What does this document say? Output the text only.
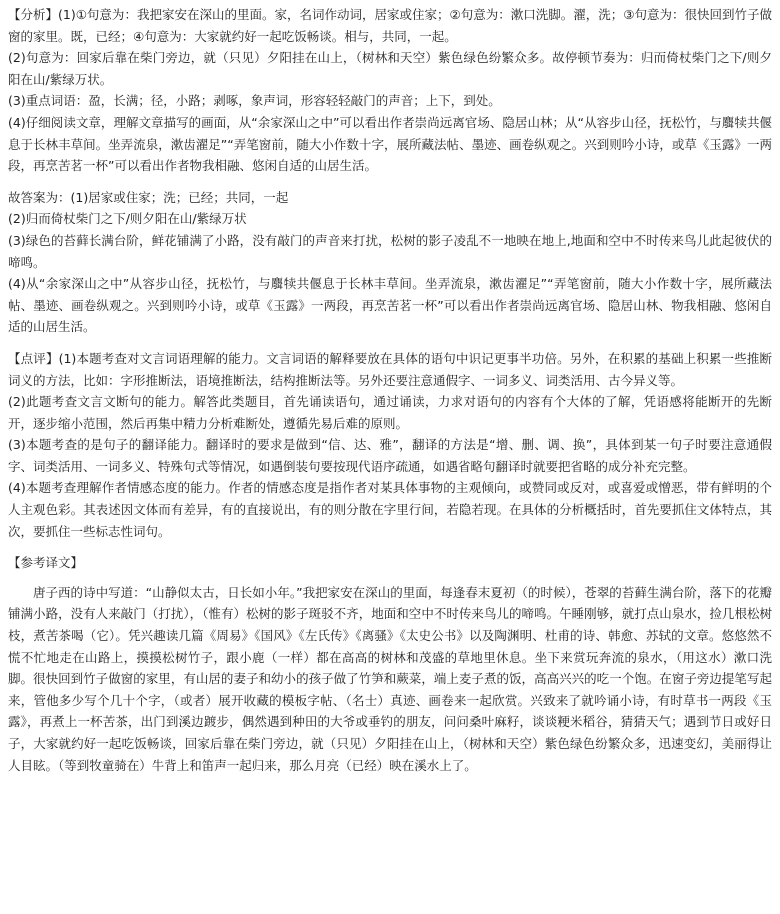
【分析】(1)①句意为：我把家安在深山的里面。家，名词作动词，居家或住家；②句意为：漱口洗脚。濯，洗；③句意为：很快回到竹子做窗的家里。既，已经；④句意为：大家就约好一起吃饭畅谈。相与，共同，一起。

(2)句意为：回家后靠在柴门旁边，就（只见）夕阳挂在山上，（树林和天空）紫色绿色纷繁众多。故停顿节奏为：归而倚杖柴门之下/则夕阳在山/紫绿万状。

(3)重点词语：盈，长满；径，小路；剥啄，象声词，形容轻轻敲门的声音；上下，到处。

(4)仔细阅读文章，理解文章描写的画面，从“余家深山之中”可以看出作者崇尚远离官场、隐居山林；从“从容步山径，抚松竹，与麛犊共偃息于长林丰草间。坐弄流泉，漱齿濯足”“弄笔窗前，随大小作数十字，展所藏法帖、墨迹、画卷纵观之。兴到则吟小诗，或草《玉露》一两段，再烹苦茗一杯”可以看出作者物我相融、悠闲自适的山居生活。

故答案为：(1)居家或住家；洗；已经；共同，一起

(2)归而倚杖柴门之下/则夕阳在山/紫绿万状

(3)绿色的苔藓长满台阶，鲜花铺满了小路，没有敲门的声音来打扰，松树的影子凌乱不一地映在地上,地面和空中不时传来鸟儿此起彼伏的啼鸣。

(4)从“余家深山之中”从容步山径，抚松竹，与麛犊共偃息于长林丰草间。坐弄流泉，漱齿濯足”“弄笔窗前，随大小作数十字，展所藏法帖、墨迹、画卷纵观之。兴到则吟小诗，或草《玉露》一两段，再烹苦茗一杯”可以看出作者崇尚远离官场、隐居山林、物我相融、悠闲自适的山居生活。

【点评】(1)本题考查对文言词语理解的能力。文言词语的解释要放在具体的语句中识记更事半功倍。另外，在积累的基础上积累一些推断词义的方法，比如：字形推断法，语境推断法，结构推断法等。另外还要注意通假字、一词多义、词类活用、古今异义等。

(2)此题考查文言文断句的能力。解答此类题目，首先诵读语句，通过诵读，力求对语句的内容有个大体的了解，凭语感将能断开的先断开，逐步缩小范围，然后再集中精力分析难断处，遵循先易后难的原则。

(3)本题考查的是句子的翻译能力。翻译时的要求是做到“信、达、雅”，翻译的方法是“增、删、调、换”，具体到某一句子时要注意通假字、词类活用、一词多义、特殊句式等情况，如遇倒装句要按现代语序疏通，如遇省略句翻译时就要把省略的成分补充完整。

(4)本题考查理解作者情感态度的能力。作者的情感态度是指作者对某具体事物的主观倾向，或赞同或反对，或喜爱或憎恶，带有鲜明的个人主观色彩。其表述因文体而有差异，有的直接说出，有的则分散在字里行间，若隐若现。在具体的分析概括时，首先要抓住文体特点，其次，要抓住一些标志性词句。

【参考译文】

唐子西的诗中写道：“山静似太古，日长如小年。”我把家安在深山的里面，每逢春末夏初（的时候），苍翠的苔藓生满台阶，落下的花瓣铺满小路，没有人来敲门（打扰），（惟有）松树的影子斑驳不齐，地面和空中不时传来鸟儿的啼鸣。午睡刚够，就打点山泉水，捡几根松树枝，煮苦茶喝（它）。凭兴趣读几篇《周易》《国风》《左氏传》《离骚》《太史公书》以及陶渊明、杜甫的诗、韩愈、苏轼的文章。悠悠然不慌不忙地走在山路上，摸摸松树竹子，跟小鹿（一样）都在高高的树林和茂盛的草地里休息。坐下来赏玩奔流的泉水，（用这水）漱口洗脚。很快回到竹子做窗的家里，有山居的妻子和幼小的孩子做了竹笋和蕨菜，端上麦子煮的饭，高高兴兴的吃一个饱。在窗子旁边提笔写起来，管他多少写个几十个字，（或者）展开收藏的模板字帖、（名士）真迹、画卷来一起欣赏。兴致来了就吟诵小诗，有时草书一两段《玉露》，再煮上一杯苦茶，出门到溪边踱步，偶然遇到种田的大爷或垂钓的朋友，问问桑叶麻籽，谈谈粳米稻谷，猜猜天气；遇到节日或好日子，大家就约好一起吃饭畅谈，回家后靠在柴门旁边，就（只见）夕阳挂在山上，（树林和天空）紫色绿色纷繁众多，迅速变幻，美丽得让人目眩。（等到牧童骑在）牛背上和笛声一起归来，那么月亮（已经）映在溪水上了。
